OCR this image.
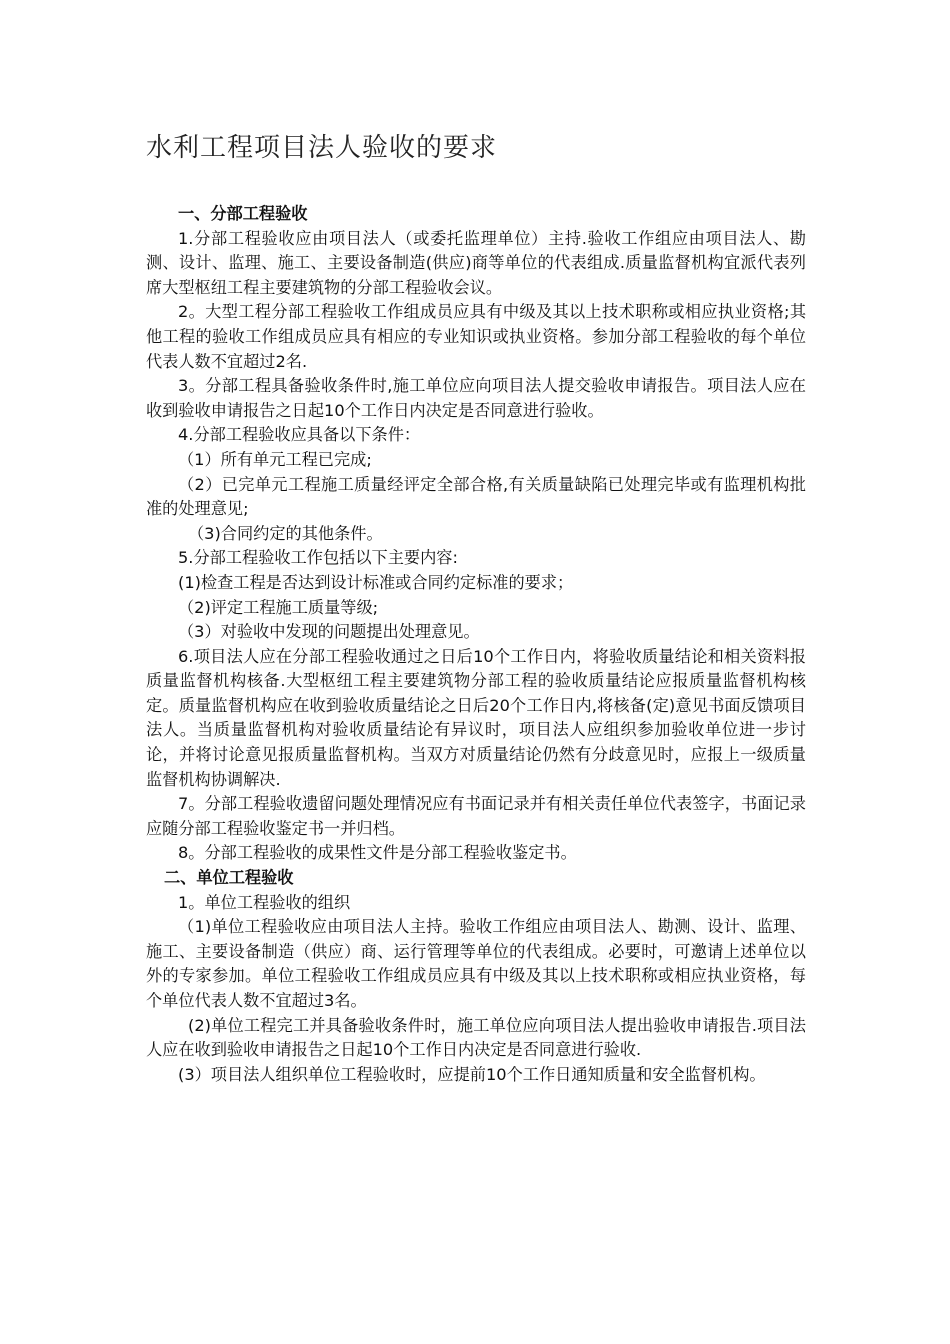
水利工程项目法人验收的要求

一、分部工程验收

1.分部工程验收应由项目法人（或委托监理单位）主持.验收工作组应由项目法人、勘测、设计、监理、施工、主要设备制造(供应)商等单位的代表组成.质量监督机构宜派代表列席大型枢纽工程主要建筑物的分部工程验收会议。

2。大型工程分部工程验收工作组成员应具有中级及其以上技术职称或相应执业资格;其他工程的验收工作组成员应具有相应的专业知识或执业资格。参加分部工程验收的每个单位代表人数不宜超过2名.

3。分部工程具备验收条件时,施工单位应向项目法人提交验收申请报告。项目法人应在收到验收申请报告之日起10个工作日内决定是否同意进行验收。

4.分部工程验收应具备以下条件：

（1）所有单元工程已完成;

（2）已完单元工程施工质量经评定全部合格,有关质量缺陷已处理完毕或有监理机构批准的处理意见;

（3)合同约定的其他条件。

5.分部工程验收工作包括以下主要内容:

(1)检查工程是否达到设计标准或合同约定标准的要求；

（2)评定工程施工质量等级;

（3）对验收中发现的问题提出处理意见。

6.项目法人应在分部工程验收通过之日后10个工作日内，将验收质量结论和相关资料报质量监督机构核备.大型枢纽工程主要建筑物分部工程的验收质量结论应报质量监督机构核定。质量监督机构应在收到验收质量结论之日后20个工作日内,将核备(定)意见书面反馈项目法人。当质量监督机构对验收质量结论有异议时，项目法人应组织参加验收单位进一步讨论，并将讨论意见报质量监督机构。当双方对质量结论仍然有分歧意见时，应报上一级质量监督机构协调解决.

7。分部工程验收遗留问题处理情况应有书面记录并有相关责任单位代表签字，书面记录应随分部工程验收鉴定书一并归档。

8。分部工程验收的成果性文件是分部工程验收鉴定书。

二、单位工程验收

1。单位工程验收的组织

（1)单位工程验收应由项目法人主持。验收工作组应由项目法人、勘测、设计、监理、施工、主要设备制造（供应）商、运行管理等单位的代表组成。必要时，可邀请上述单位以外的专家参加。单位工程验收工作组成员应具有中级及其以上技术职称或相应执业资格，每个单位代表人数不宜超过3名。

(2)单位工程完工并具备验收条件时，施工单位应向项目法人提出验收申请报告.项目法人应在收到验收申请报告之日起10个工作日内决定是否同意进行验收.

(3）项目法人组织单位工程验收时，应提前10个工作日通知质量和安全监督机构。
